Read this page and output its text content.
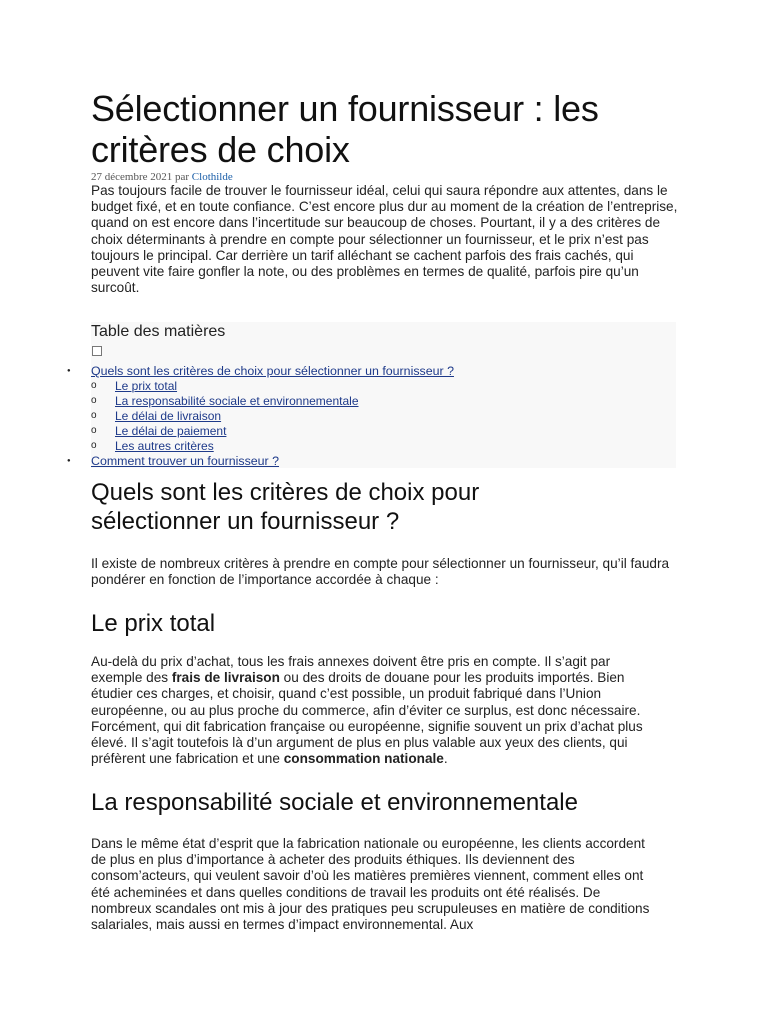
Sélectionner un fournisseur : les critères de choix
27 décembre 2021 par Clothilde

Pas toujours facile de trouver le fournisseur idéal, celui qui saura répondre aux attentes, dans le budget fixé, et en toute confiance. C’est encore plus dur au moment de la création de l’entreprise, quand on est encore dans l’incertitude sur beaucoup de choses. Pourtant, il y a des critères de choix déterminants à prendre en compte pour sélectionner un fournisseur, et le prix n’est pas toujours le principal. Car derrière un tarif alléchant se cachent parfois des frais cachés, qui peuvent vite faire gonfler la note, ou des problèmes en termes de qualité, parfois pire qu’un surcoût.

Table des matières
● Quels sont les critères de choix pour sélectionner un fournisseur ?
o Le prix total
o La responsabilité sociale et environnementale
o Le délai de livraison
o Le délai de paiement
o Les autres critères
● Comment trouver un fournisseur ?
Quels sont les critères de choix pour sélectionner un fournisseur ?

Il existe de nombreux critères à prendre en compte pour sélectionner un fournisseur, qu’il faudra pondérer en fonction de l’importance accordée à chaque :

Le prix total

Au-delà du prix d’achat, tous les frais annexes doivent être pris en compte. Il s’agit par exemple des frais de livraison ou des droits de douane pour les produits importés. Bien étudier ces charges, et choisir, quand c’est possible, un produit fabriqué dans l’Union européenne, ou au plus proche du commerce, afin d’éviter ce surplus, est donc nécessaire. Forcément, qui dit fabrication française ou européenne, signifie souvent un prix d’achat plus élevé. Il s’agit toutefois là d’un argument de plus en plus valable aux yeux des clients, qui préfèrent une fabrication et une consommation nationale.

La responsabilité sociale et environnementale

Dans le même état d’esprit que la fabrication nationale ou européenne, les clients accordent de plus en plus d’importance à acheter des produits éthiques. Ils deviennent des consom’acteurs, qui veulent savoir d’où les matières premières viennent, comment elles ont été acheminées et dans quelles conditions de travail les produits ont été réalisés. De nombreux scandales ont mis à jour des pratiques peu scrupuleuses en matière de conditions salariales, mais aussi en termes d’impact environnemental. Aux
